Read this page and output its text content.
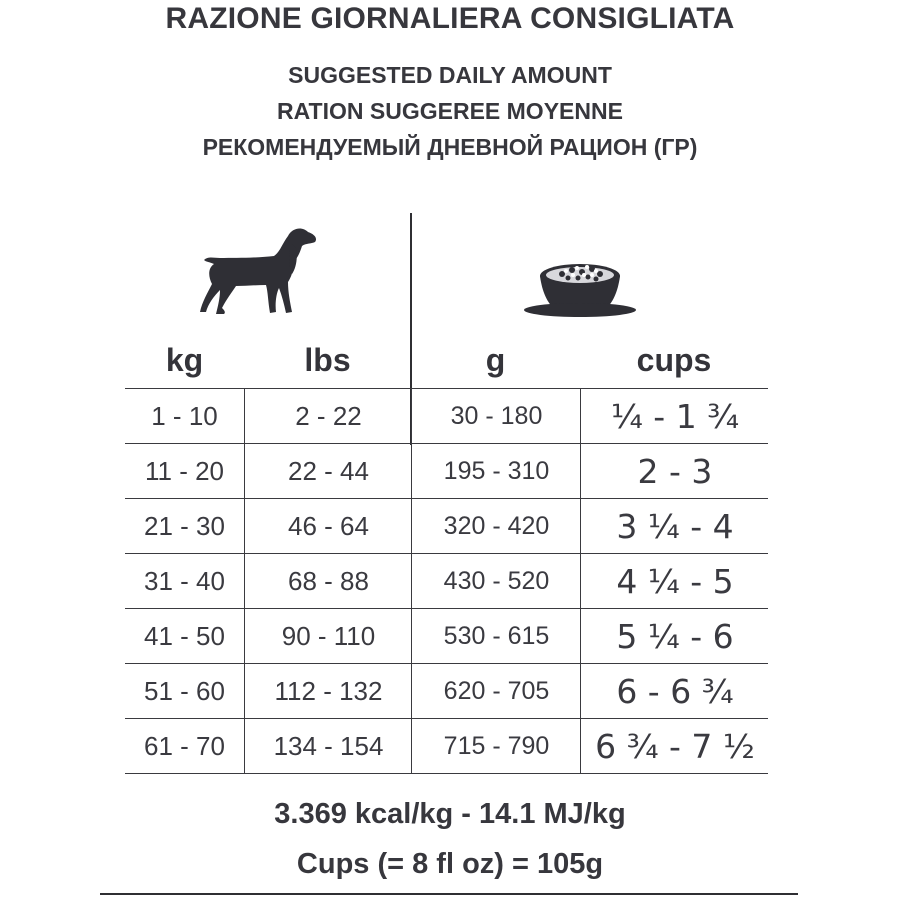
RAZIONE GIORNALIERA CONSIGLIATA
SUGGESTED DAILY AMOUNT
RATION SUGGEREE MOYENNE
РЕКОМЕНДУЕМЫЙ ДНЕВНОЙ РАЦИОН (ГР)
kg	lbs	g	cups
1 - 10	2 - 22	30 - 180	¼ - 1 ¾
11 - 20	22 - 44	195 - 310	2 - 3
21 - 30	46 - 64	320 - 420	3 ¼ - 4
31 - 40	68 - 88	430 - 520	4 ¼ - 5
41 - 50	90 - 110	530 - 615	5 ¼ - 6
51 - 60	112 - 132	620 - 705	6 - 6 ¾
61 - 70	134 - 154	715 - 790	6 ¾ - 7 ½
3.369 kcal/kg - 14.1 MJ/kg
Cups (= 8 fl oz) = 105g
